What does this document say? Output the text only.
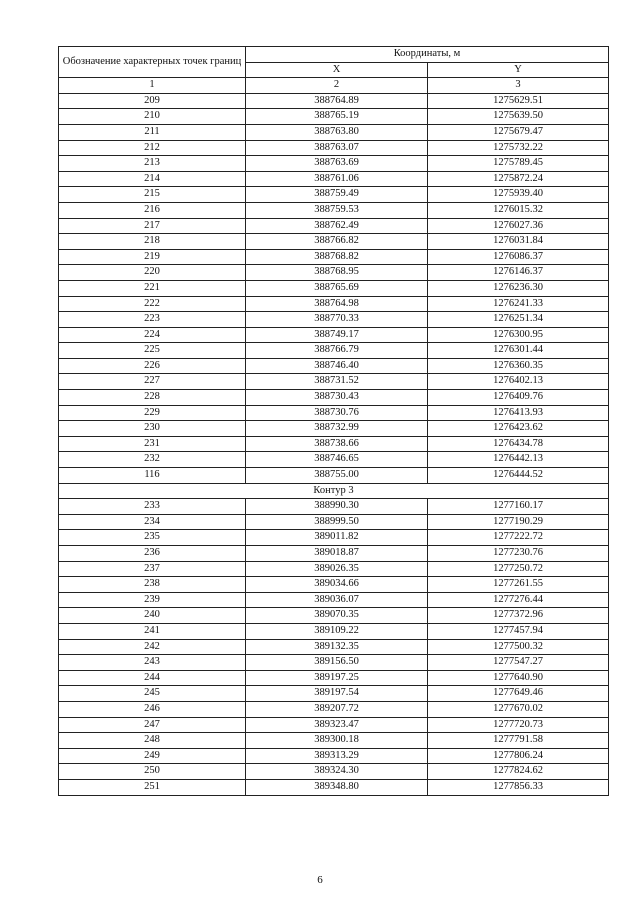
Обозначение характерных точек границ	Координаты, м	
	X	Y
1	2	3
209	388764.89	1275629.51
210	388765.19	1275639.50
211	388763.80	1275679.47
212	388763.07	1275732.22
213	388763.69	1275789.45
214	388761.06	1275872.24
215	388759.49	1275939.40
216	388759.53	1276015.32
217	388762.49	1276027.36
218	388766.82	1276031.84
219	388768.82	1276086.37
220	388768.95	1276146.37
221	388765.69	1276236.30
222	388764.98	1276241.33
223	388770.33	1276251.34
224	388749.17	1276300.95
225	388766.79	1276301.44
226	388746.40	1276360.35
227	388731.52	1276402.13
228	388730.43	1276409.76
229	388730.76	1276413.93
230	388732.99	1276423.62
231	388738.66	1276434.78
232	388746.65	1276442.13
116	388755.00	1276444.52
Контур 3		
233	388990.30	1277160.17
234	388999.50	1277190.29
235	389011.82	1277222.72
236	389018.87	1277230.76
237	389026.35	1277250.72
238	389034.66	1277261.55
239	389036.07	1277276.44
240	389070.35	1277372.96
241	389109.22	1277457.94
242	389132.35	1277500.32
243	389156.50	1277547.27
244	389197.25	1277640.90
245	389197.54	1277649.46
246	389207.72	1277670.02
247	389323.47	1277720.73
248	389300.18	1277791.58
249	389313.29	1277806.24
250	389324.30	1277824.62
251	389348.80	1277856.33
6
